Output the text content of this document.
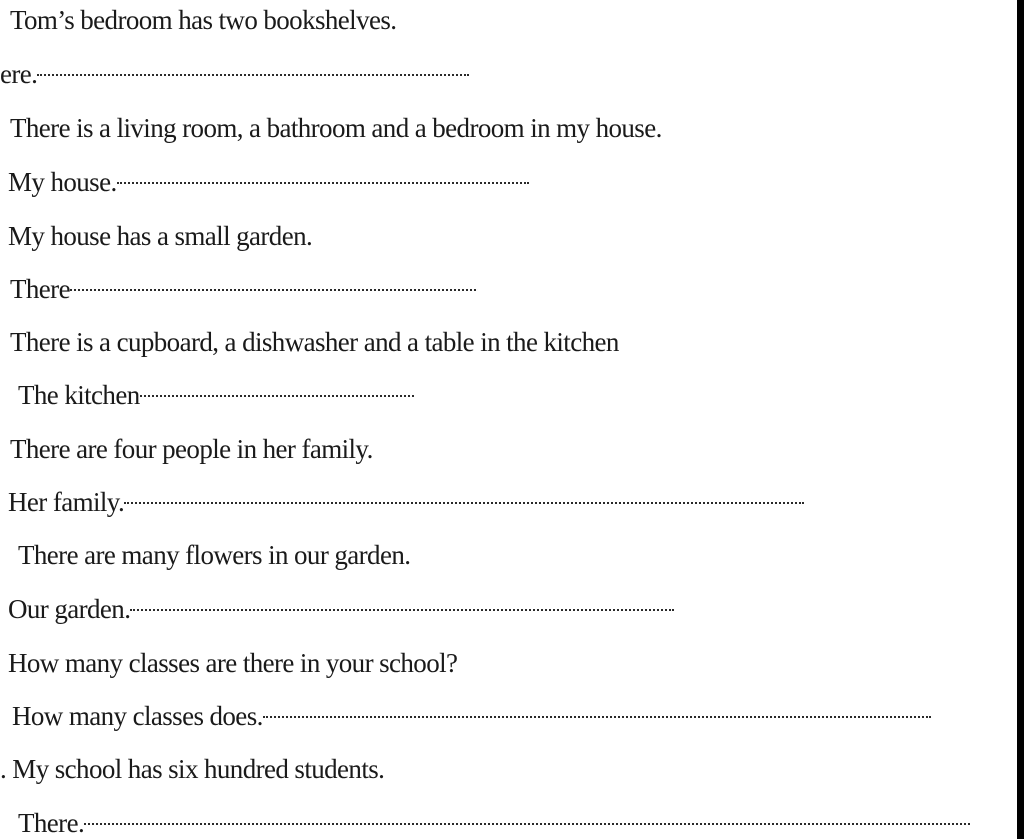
Tom’s bedroom has two bookshelves.
ere.
There is a living room, a bathroom and a bedroom in my house.
My house.
My house has a small garden.
There
There is a cupboard, a dishwasher and a table in the kitchen
The kitchen
There are four people in her family.
Her family.
There are many flowers in our garden.
Our garden.
How many classes are there in your school?
How many classes does.
. My school has six hundred students.
There.
